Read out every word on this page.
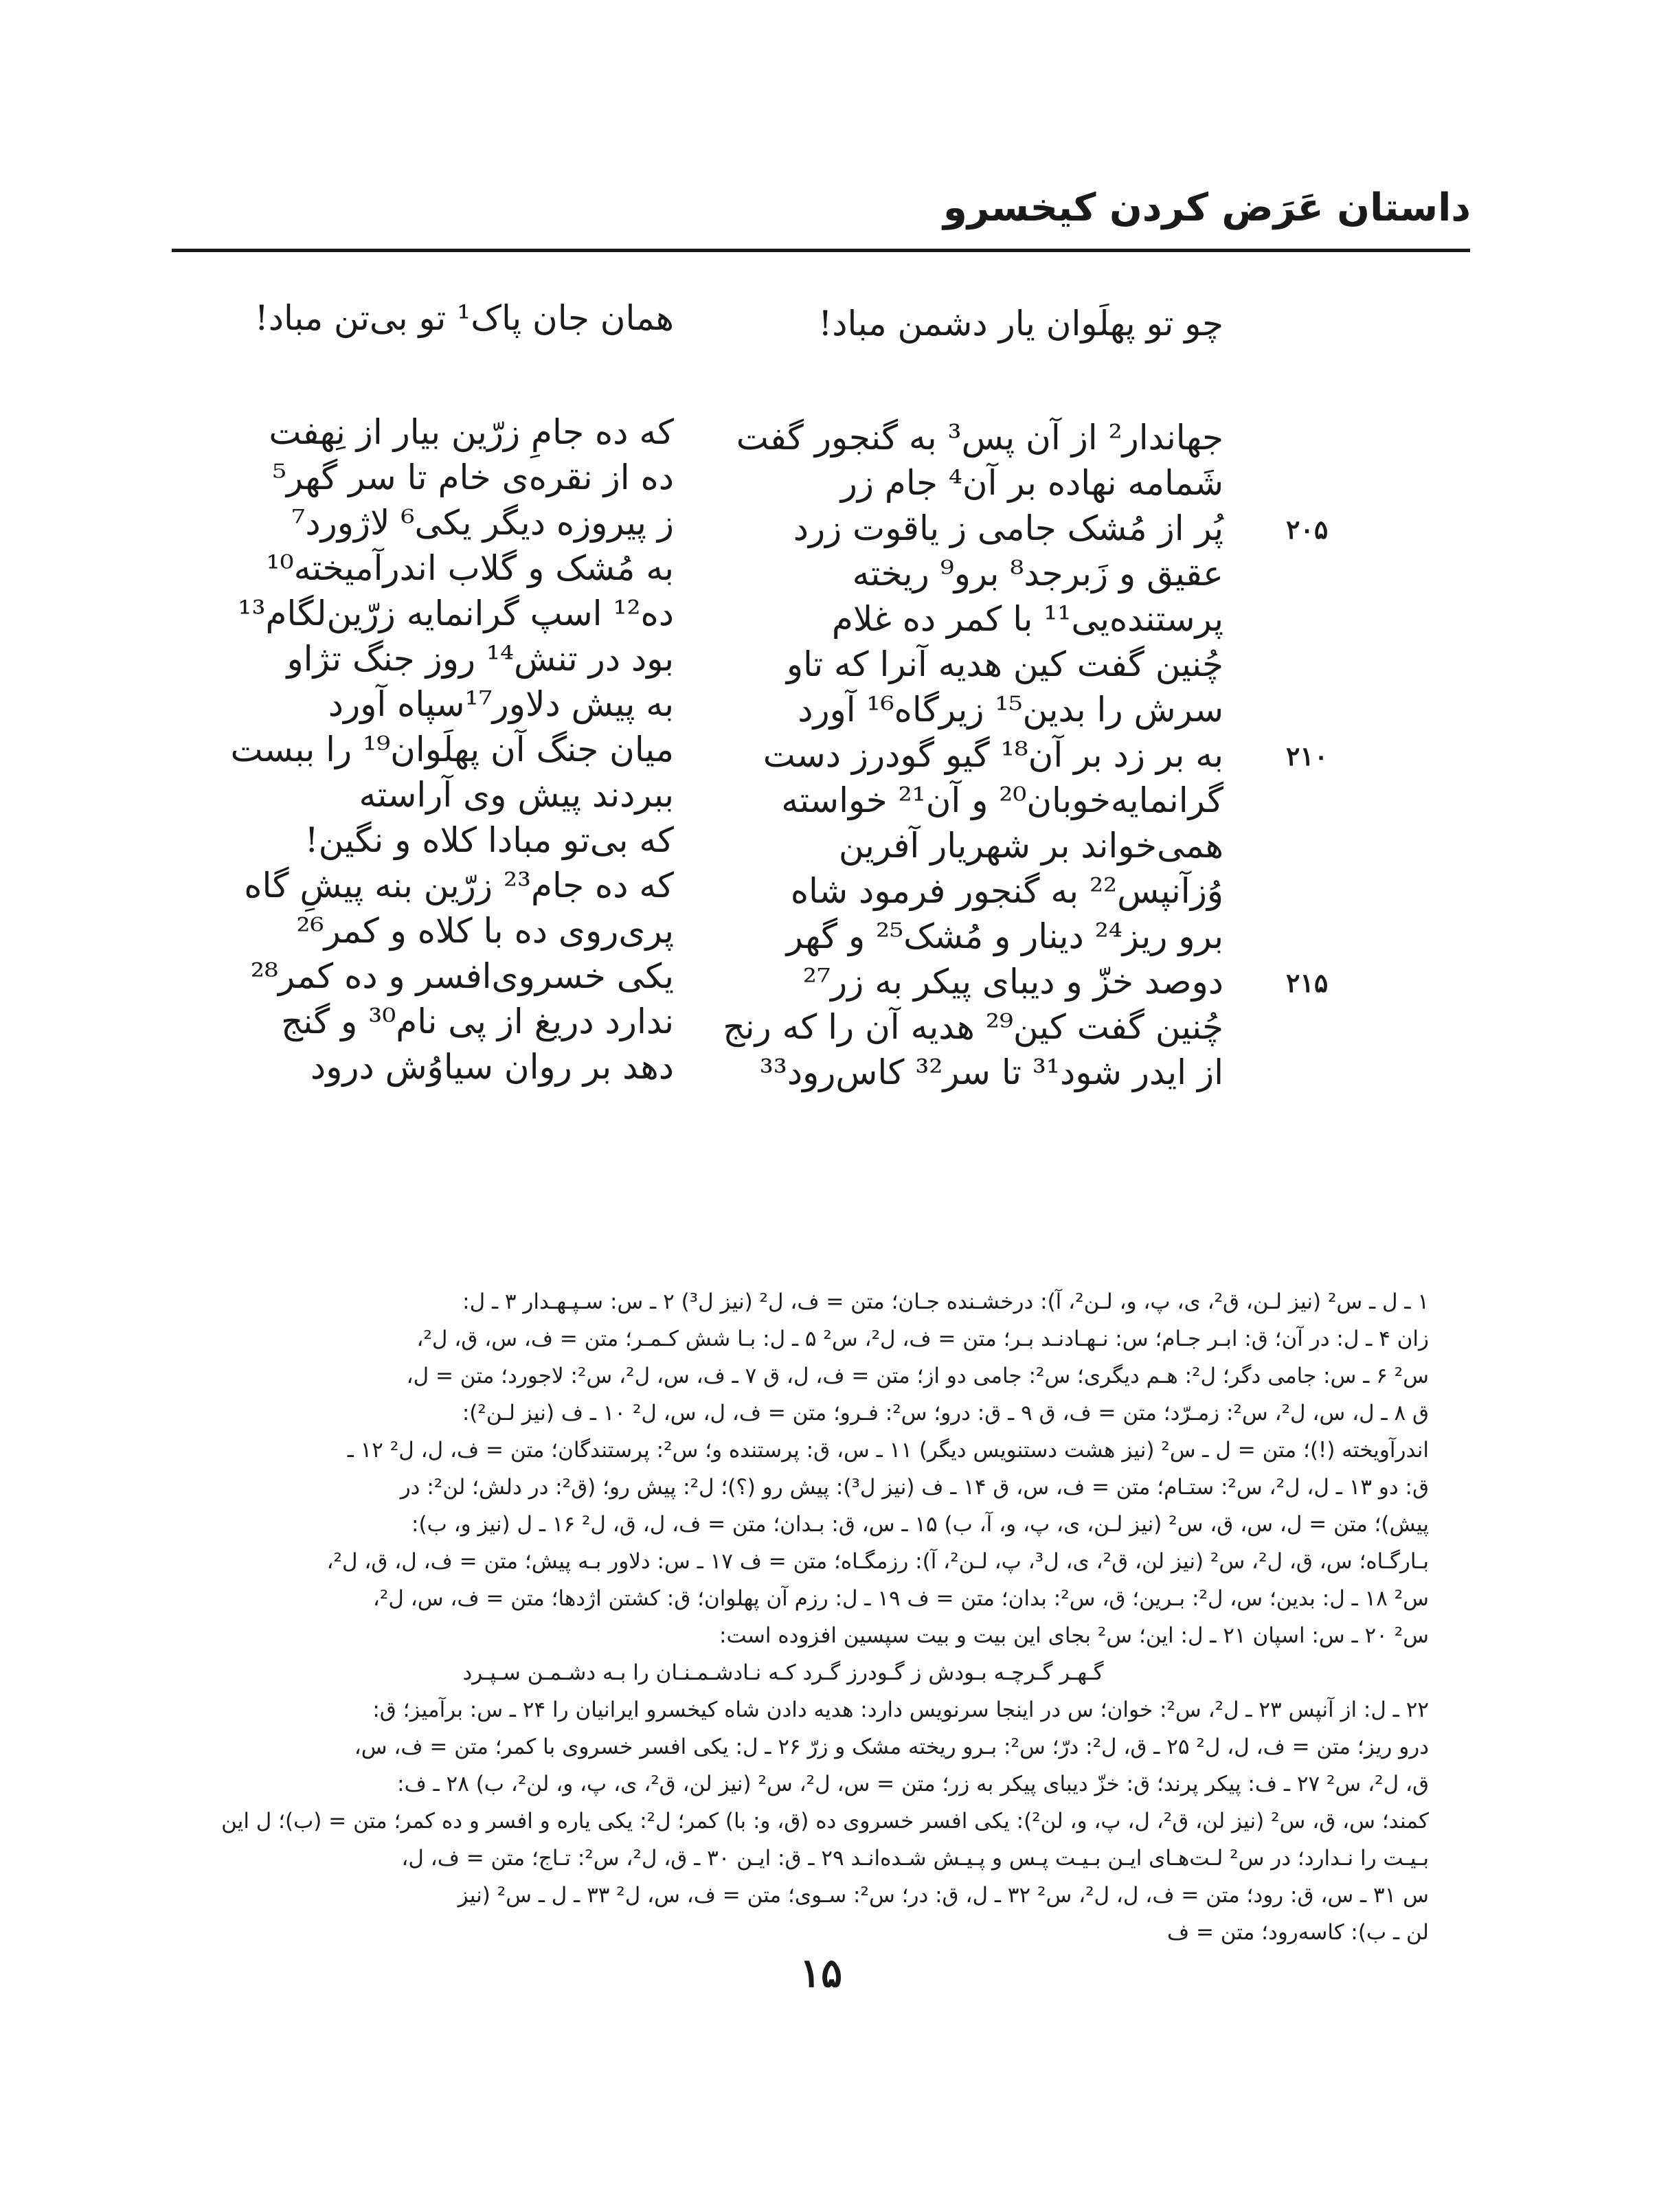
داستان عَرَض کردن کیخسرو
چو تو پهلَوان یار دشمن مباد!
همان جان پاک¹ تو بی‌تن مباد!
جهاندار² از آن پس³ به گنجور گفت
شَمامه نهاده بر آن⁴ جام زر
پُر از مُشک جامی ز یاقوت زرد
عقیق و زَبرجد⁸ برو⁹ ریخته
پرستنده‌یی¹¹ با کمر ده غلام
چُنین گفت کین هدیه آنرا که تاو
سرش را بدین¹⁵ زیرگاه¹⁶ آورد
به بر زد بر آن¹⁸ گیو گودرز دست
گرانمایه‌خوبان²⁰ و آن²¹ خواسته
همی‌خواند بر شهریار آفرین
وُزآنپس²² به گنجور فرمود شاه
برو ریز²⁴ دینار و مُشک²⁵ و گهر
دوصد خزّ و دیبای پیکر به زر²⁷
چُنین گفت کین²⁹ هدیه آن را که رنج
از ایدر شود³¹ تا سر³² کاس‌رود³³
که ده جامِ زرّین بیار از نِهفت
ده از نقره‌ی خام تا سر گهر⁵
ز پیروزه دیگر یکی⁶ لاژورد⁷
به مُشک و گلاب اندرآمیخته¹⁰
ده¹² اسپ گرانمایه زرّین‌لگام¹³
بود در تنش¹⁴ روز جنگ تژاو
به پیش دلاور¹⁷سپاه آورد
میان جنگ آن پهلَوان¹⁹ را ببست
ببردند پیش وی آراسته
که بی‌تو مبادا کلاه و نگین!
که ده جام²³ زرّین بنه پیشِ گاه
پری‌روی ده با کلاه و کمر²⁶
یکی خسروی‌افسر و ده کمر²⁸
ندارد دریغ از پی نام³⁰ و گنج
دهد بر روان سیاوُش درود
۲۰۵
۲۱۰
۲۱۵
۱ ـ ل ـ س² (نیز لـن، ق²، ی، پ، و، لـن²، آ): درخشـنده جـان؛ متن = ف، ل² (نیز ل³) ۲ ـ س: سـپـهـدار ۳ ـ ل:
زان ۴ ـ ل: در آن؛ ق: ابـر جـام؛ س: نـهـادنـد بـر؛ متن = ف، ل²، س² ۵ ـ ل: بـا شش کـمـر؛ متن = ف، س، ق، ل²،
س² ۶ ـ س: جامی دگر؛ ل²: هـم دیگری؛ س²: جامی دو از؛ متن = ف، ل، ق ۷ ـ ف، س، ل²، س²: لاجورد؛ متن = ل،
ق ۸ ـ ل، س، ل²، س²: زمـرّد؛ متن = ف، ق ۹ ـ ق: درو؛ س²: فـرو؛ متن = ف، ل، س، ل² ۱۰ ـ ف (نیز لـن²):
اندرآویخته (!)؛ متن = ل ـ س² (نیز هشت دستنویس دیگر) ۱۱ ـ س، ق: پرستنده و؛ س²: پرستندگان؛ متن = ف، ل، ل² ۱۲ ـ
ق: دو ۱۳ ـ ل، ل²، س²: ستـام؛ متن = ف، س، ق ۱۴ ـ ف (نیز ل³): پیش رو (؟)؛ ل²: پیش رو؛ (ق²: در دلش؛ لن²: در
پیش)؛ متن = ل، س، ق، س² (نیز لـن، ی، پ، و، آ، ب) ۱۵ ـ س، ق: بـدان؛ متن = ف، ل، ق، ل² ۱۶ ـ ل (نیز و، ب):
بـارگـاه؛ س، ق، ل²، س² (نیز لن، ق²، ی، ل³، پ، لـن²، آ): رزمگـاه؛ متن = ف ۱۷ ـ س: دلاور بـه پیش؛ متن = ف، ل، ق، ل²،
س² ۱۸ ـ ل: بدین؛ س، ل²: بـرین؛ ق، س²: بدان؛ متن = ف ۱۹ ـ ل: رزم آن پهلوان؛ ق: کشتن اژدها؛ متن = ف، س، ل²،
س² ۲۰ ـ س: اسپان ۲۱ ـ ل: این؛ س² بجای این بیت و بیت سپسین افزوده است:
گـهـر گـرچـه بـودش ز گـودرز گـرد کـه نـادشـمـنـان را بـه دشـمـن سـپـرد
۲۲ ـ ل: از آنپس ۲۳ ـ ل²، س²: خوان؛ س در اینجا سرنویس دارد: هدیه دادن شاه کیخسرو ایرانیان را ۲۴ ـ س: برآمیز؛ ق:
درو ریز؛ متن = ف، ل، ل² ۲۵ ـ ق، ل²: درّ؛ س²: بـرو ریخته مشک و زرّ ۲۶ ـ ل: یکی افسر خسروی با کمر؛ متن = ف، س،
ق، ل²، س² ۲۷ ـ ف: پیکر پرند؛ ق: خزّ دیبای پیکر به زر؛ متن = س، ل²، س² (نیز لن، ق²، ی، پ، و، لن²، ب) ۲۸ ـ ف:
کمند؛ س، ق، س² (نیز لن، ق²، ل، پ، و، لن²): یکی افسر خسروی ده (ق، و: با) کمر؛ ل²: یکی یاره و افسر و ده کمر؛ متن = (ب)؛ ل این
بـیـت را نـدارد؛ در س² لـت‌هـای ایـن بـیـت پـس و پـیـش شـده‌انـد ۲۹ ـ ق: ایـن ۳۰ ـ ق، ل²، س²: تـاج؛ متن = ف، ل،
س ۳۱ ـ س، ق: رود؛ متن = ف، ل، ل²، س² ۳۲ ـ ل، ق: در؛ س²: سـوی؛ متن = ف، س، ل² ۳۳ ـ ل ـ س² (نیز
لن ـ ب): کاسه‌رود؛ متن = ف
۱۵
